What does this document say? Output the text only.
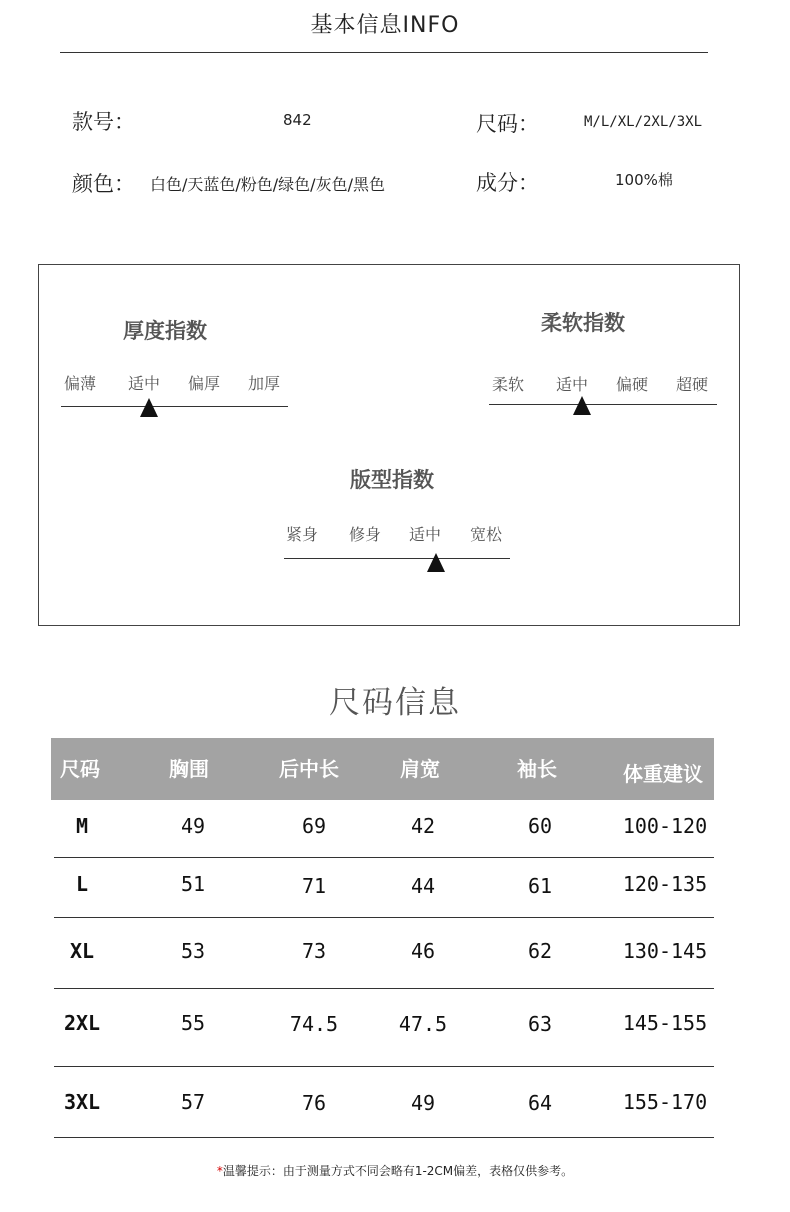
基本信息INFO
款号：	842	尺码：	M/L/XL/2XL/3XL
颜色： 白色/天蓝色/粉色/绿色/灰色/黑色	成分：	100%棉
厚度指数
偏薄 适中 偏厚 加厚
柔软指数
柔软 适中 偏硬 超硬
版型指数
紧身 修身 适中 宽松
尺码信息
尺码	胸围	后中长	肩宽	袖长	体重建议
M	49	69	42	60	100-120
L	51	71	44	61	120-135
XL	53	73	46	62	130-145
2XL	55	74.5	47.5	63	145-155
3XL	57	76	49	64	155-170
*温馨提示：由于测量方式不同会略有1-2CM偏差，表格仅供参考。
